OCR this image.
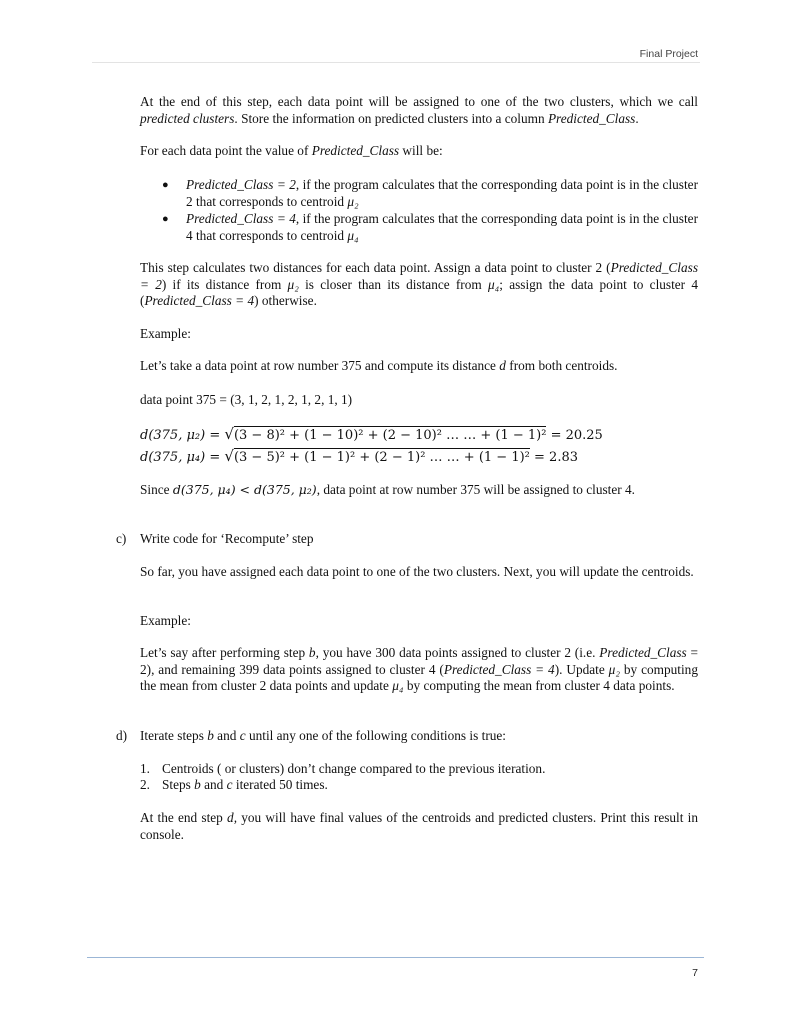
Final Project

At the end of this step, each data point will be assigned to one of the two clusters, which we call predicted clusters. Store the information on predicted clusters into a column Predicted_Class.

For each data point the value of Predicted_Class will be:

● Predicted_Class = 2, if the program calculates that the corresponding data point is in the cluster 2 that corresponds to centroid μ₂

● Predicted_Class = 4, if the program calculates that the corresponding data point is in the cluster 4 that corresponds to centroid μ₄

This step calculates two distances for each data point. Assign a data point to cluster 2 (Predicted_Class = 2) if its distance from μ₂ is closer than its distance from μ₄; assign the data point to cluster 4 (Predicted_Class = 4) otherwise.

Example:

Let’s take a data point at row number 375 and compute its distance d from both centroids.

data point 375 = (3, 1, 2, 1, 2, 1, 2, 1, 1)

d(375, μ₂) = √(3 − 8)² + (1 − 10)² + (2 − 10)² … … + (1 − 1)² = 20.25
d(375, μ₄) = √(3 − 5)² + (1 − 1)² + (2 − 1)² … … + (1 − 1)² = 2.83

Since d(375, μ₄) < d(375, μ₂), data point at row number 375 will be assigned to cluster 4.

c) Write code for ‘Recompute’ step

So far, you have assigned each data point to one of the two clusters. Next, you will update the centroids.

Example:

Let’s say after performing step b, you have 300 data points assigned to cluster 2 (i.e. Predicted_Class = 2), and remaining 399 data points assigned to cluster 4 (Predicted_Class = 4). Update μ₂ by computing the mean from cluster 2 data points and update μ₄ by computing the mean from cluster 4 data points.

d) Iterate steps b and c until any one of the following conditions is true:

1. Centroids ( or clusters) don’t change compared to the previous iteration.
2. Steps b and c iterated 50 times.

At the end step d, you will have final values of the centroids and predicted clusters. Print this result in console.

7
